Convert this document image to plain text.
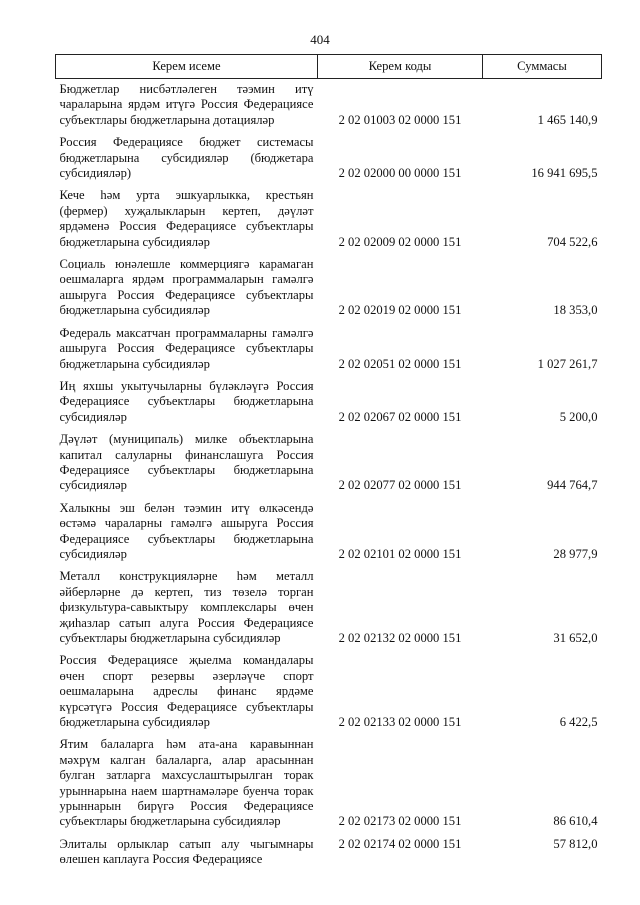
404
Керем исеме	Керем коды	Суммасы
Бюджетлар нисбәтләлеген тәэмин итү чараларына ярдәм итүгә Россия Федерациясе субъектлары бюджетларына дотацияләр	2 02 01003 02 0000 151	1 465 140,9
Россия Федерациясе бюджет системасы бюджетларына субсидияләр (бюджетара субсидияләр)	2 02 02000 00 0000 151	16 941 695,5
Кече һәм урта эшкуарлыкка, крестьян (фермер) хуҗалыкларын кертеп, дәүләт ярдәменә Россия Федерациясе субъектлары бюджетларына субсидияләр	2 02 02009 02 0000 151	704 522,6
Социаль юнәлешле коммерциягә карамаган оешмаларга ярдәм программаларын гамәлгә ашыруга Россия Федерациясе субъектлары бюджетларына субсидияләр	2 02 02019 02 0000 151	18 353,0
Федераль максатчан программаларны гамәлгә ашыруга Россия Федерациясе субъектлары бюджетларына субсидияләр	2 02 02051 02 0000 151	1 027 261,7
Иң яхшы укытучыларны бүләкләүгә Россия Федерациясе субъектлары бюджетларына субсидияләр	2 02 02067 02 0000 151	5 200,0
Дәүләт (муниципаль) милке объектларына капитал салуларны финанслашуга Россия Федерациясе субъектлары бюджетларына субсидияләр	2 02 02077 02 0000 151	944 764,7
Халыкны эш белән тәэмин итү өлкәсендә өстәмә чараларны гамәлгә ашыруга Россия Федерациясе субъектлары бюджетларына субсидияләр	2 02 02101 02 0000 151	28 977,9
Металл конструкцияләрне һәм металл әйберләрне дә кертеп, тиз төзелә торган физкультура-савыктыру комплекслары өчен җиһазлар сатып алуга Россия Федерациясе субъектлары бюджетларына субсидияләр	2 02 02132 02 0000 151	31 652,0
Россия Федерациясе җыелма командалары өчен спорт резервы әзерләүче спорт оешмаларына адреслы финанс ярдәме күрсәтүгә Россия Федерациясе субъектлары бюджетларына субсидияләр	2 02 02133 02 0000 151	6 422,5
Ятим балаларга һәм ата-ана каравыннан мәхрүм калган балаларга, алар арасыннан булган затларга махсуслаштырылган торак урыннарына наем шартнамәләре буенча торак урыннарын бирүгә Россия Федерациясе субъектлары бюджетларына субсидияләр	2 02 02173 02 0000 151	86 610,4
Элиталы орлыклар сатып алу чыгымнары өлешен каплауга Россия Федерациясе	2 02 02174 02 0000 151	57 812,0
